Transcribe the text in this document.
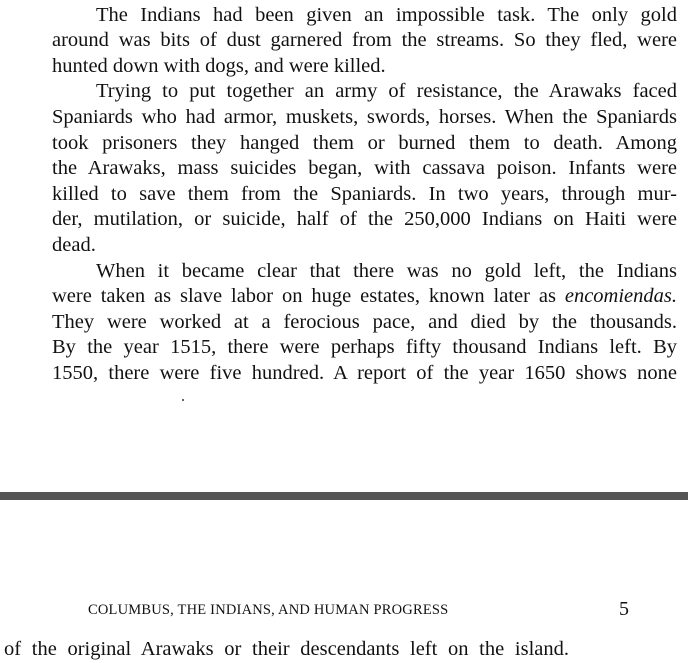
The Indians had been given an impossible task. The only gold
around was bits of dust garnered from the streams. So they fled, were
hunted down with dogs, and were killed.
Trying to put together an army of resistance, the Arawaks faced
Spaniards who had armor, muskets, swords, horses. When the Spaniards
took prisoners they hanged them or burned them to death. Among
the Arawaks, mass suicides began, with cassava poison. Infants were
killed to save them from the Spaniards. In two years, through mur-
der, mutilation, or suicide, half of the 250,000 Indians on Haiti were
dead.
When it became clear that there was no gold left, the Indians
were taken as slave labor on huge estates, known later as encomiendas.
They were worked at a ferocious pace, and died by the thousands.
By the year 1515, there were perhaps fifty thousand Indians left. By
1550, there were five hundred. A report of the year 1650 shows none
COLUMBUS, THE INDIANS, AND HUMAN PROGRESS	5
of the original Arawaks or their descendants left on the island.
